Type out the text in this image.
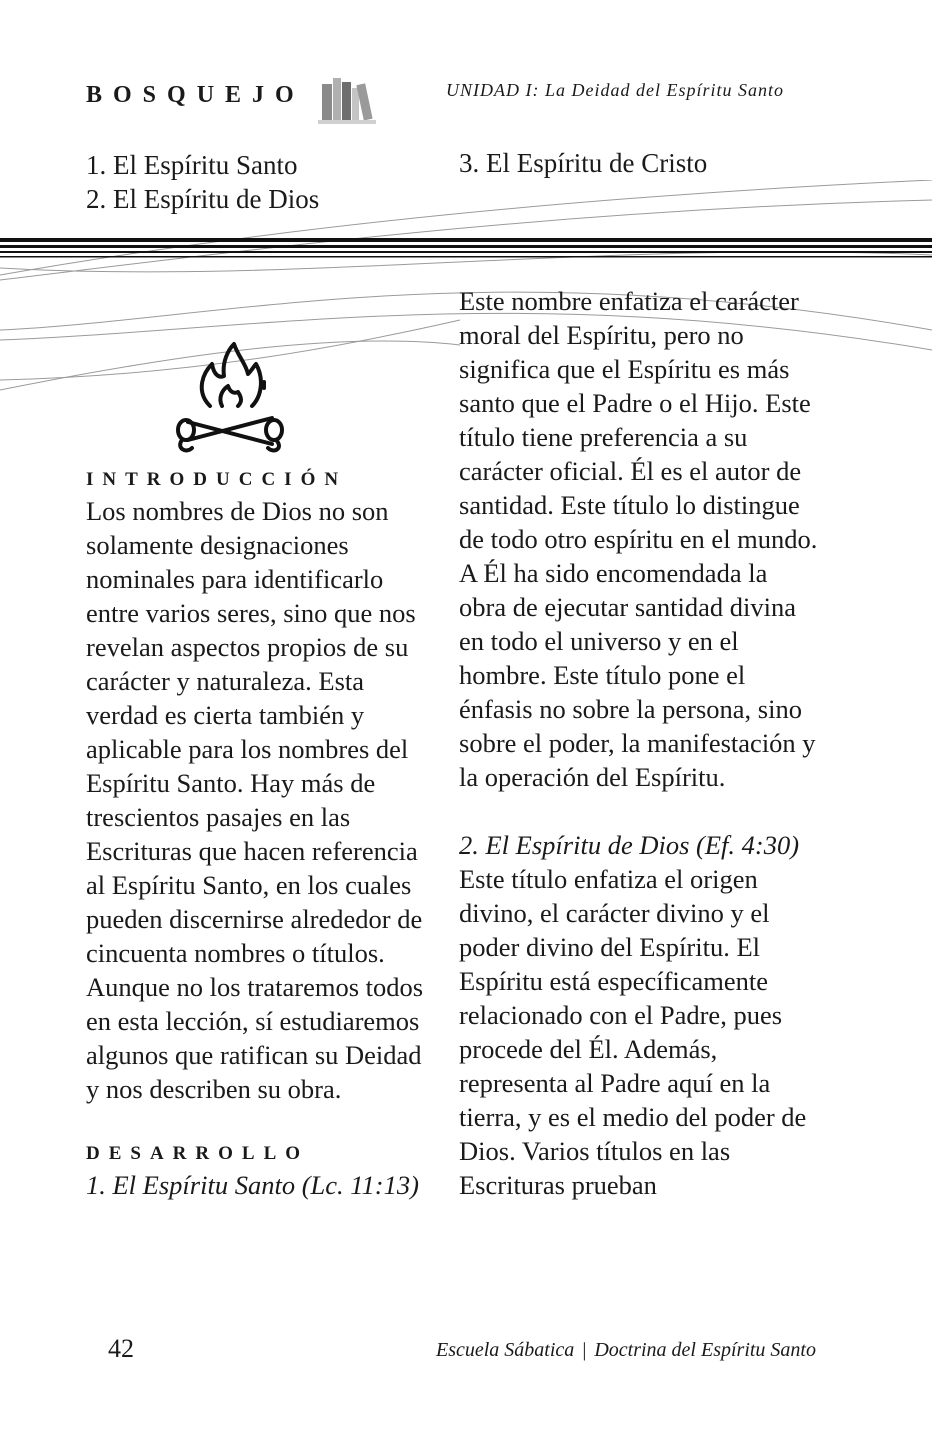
BOSQUEJO	UNIDAD I: La Deidad del Espíritu Santo
1. El Espíritu Santo
2. El Espíritu de Dios
3. El Espíritu de Cristo
INTRODUCCIÓN

Los nombres de Dios no son solamente designaciones nominales para identificarlo entre varios seres, sino que nos revelan aspectos propios de su carácter y naturaleza. Esta verdad es cierta también y aplicable para los nombres del Espíritu Santo. Hay más de trescientos pasajes en las Escrituras que hacen referencia al Espíritu Santo, en los cuales pueden discernirse alrededor de cincuenta nombres o títulos. Aunque no los trataremos todos en esta lección, sí estudiaremos algunos que ratifican su Deidad y nos describen su obra.

DESARROLLO

1. El Espíritu Santo (Lc. 11:13)

Este nombre enfatiza el carácter moral del Espíritu, pero no significa que el Espíritu es más santo que el Padre o el Hijo. Este título tiene preferencia a su carácter oficial. Él es el autor de santidad. Este título lo distingue de todo otro espíritu en el mundo. A Él ha sido encomendada la obra de ejecutar santidad divina en todo el universo y en el hombre. Este título pone el énfasis no sobre la persona, sino sobre el poder, la manifestación y la operación del Espíritu.

2. El Espíritu de Dios (Ef. 4:30)

Este título enfatiza el origen divino, el carácter divino y el poder divino del Espíritu. El Espíritu está específicamente relacionado con el Padre, pues procede del Él. Además, representa al Padre aquí en la tierra, y es el medio del poder de Dios. Varios títulos en las Escrituras prueban

42	Escuela Sábatica | Doctrina del Espíritu Santo
